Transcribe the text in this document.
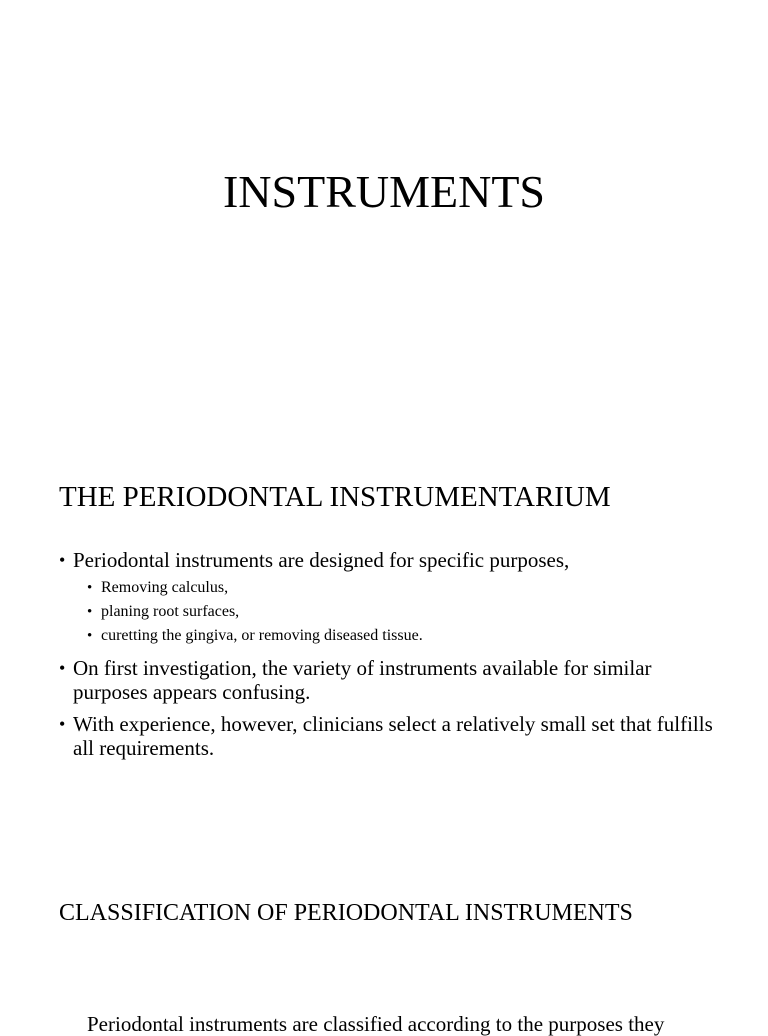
INSTRUMENTS
THE PERIODONTAL INSTRUMENTARIUM
• Periodontal instruments are designed for specific purposes,
• Removing calculus,
• planing root surfaces,
• curetting the gingiva, or removing diseased tissue.
• On first investigation, the variety of instruments available for similar purposes appears confusing.
• With experience, however, clinicians select a relatively small set that fulfills all requirements.
CLASSIFICATION OF PERIODONTAL INSTRUMENTS

Periodontal instruments are classified according to the purposes they
